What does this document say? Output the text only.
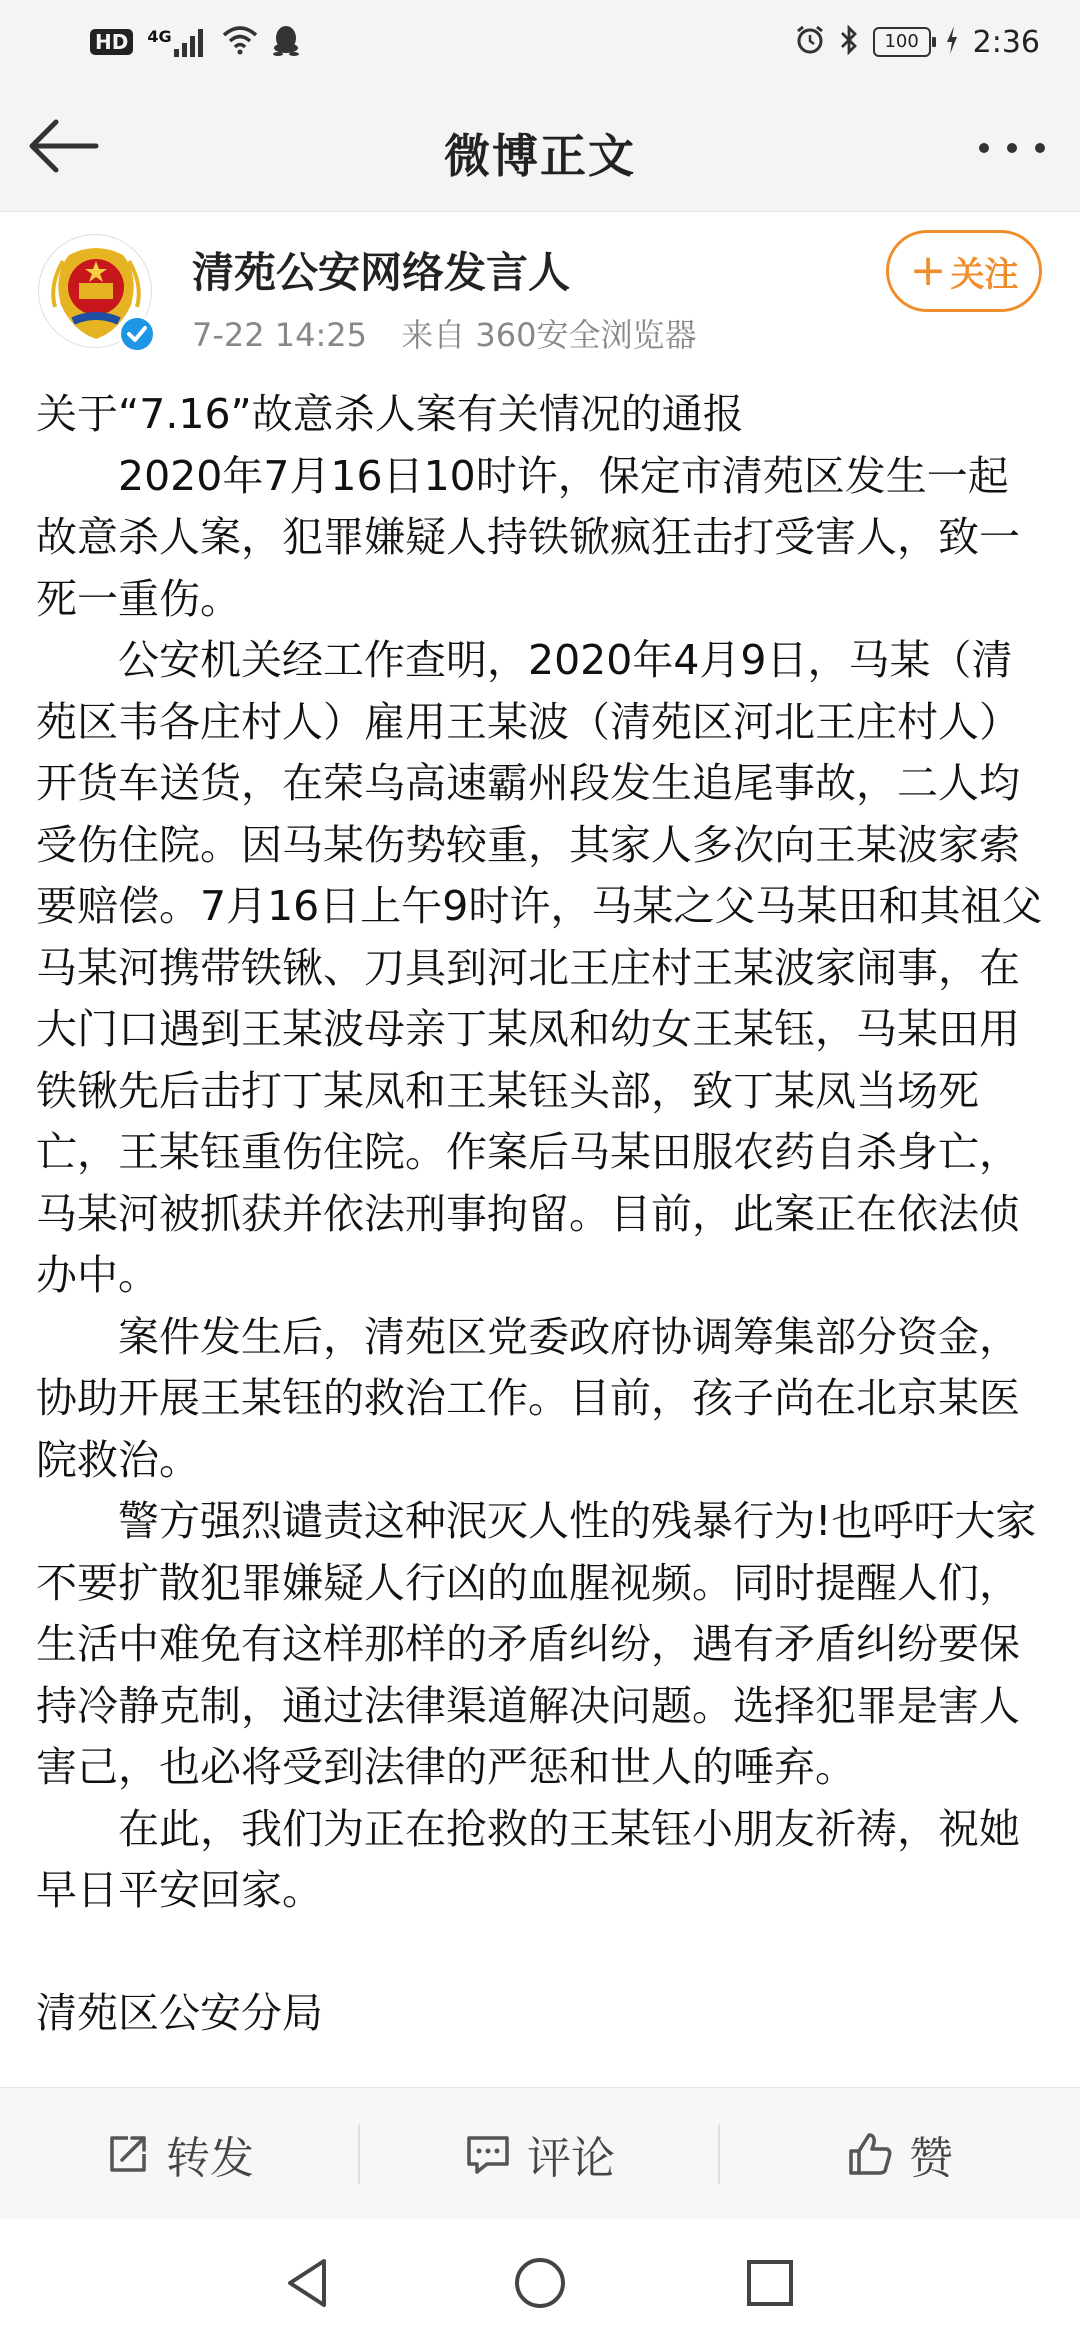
HD	4G	100	2:36
微博正文
清苑公安网络发言人
7-22 14:25 来自 360安全浏览器
+ 关注

关于“7.16”故意杀人案有关情况的通报

2020年7月16日10时许，保定市清苑区发生一起故意杀人案，犯罪嫌疑人持铁锨疯狂击打受害人，致一死一重伤。

公安机关经工作查明，2020年4月9日，马某（清苑区韦各庄村人）雇用王某波（清苑区河北王庄村人）开货车送货，在荣乌高速霸州段发生追尾事故，二人均受伤住院。因马某伤势较重，其家人多次向王某波家索要赔偿。7月16日上午9时许，马某之父马某田和其祖父马某河携带铁锹、刀具到河北王庄村王某波家闹事，在大门口遇到王某波母亲丁某凤和幼女王某钰，马某田用铁锹先后击打丁某凤和王某钰头部，致丁某凤当场死亡，王某钰重伤住院。作案后马某田服农药自杀身亡，马某河被抓获并依法刑事拘留。目前，此案正在依法侦办中。

案件发生后，清苑区党委政府协调筹集部分资金，协助开展王某钰的救治工作。目前，孩子尚在北京某医院救治。

警方强烈谴责这种泯灭人性的残暴行为!也呼吁大家不要扩散犯罪嫌疑人行凶的血腥视频。同时提醒人们，生活中难免有这样那样的矛盾纠纷，遇有矛盾纠纷要保持冷静克制，通过法律渠道解决问题。选择犯罪是害人害己，也必将受到法律的严惩和世人的唾弃。

在此，我们为正在抢救的王某钰小朋友祈祷，祝她早日平安回家。

清苑区公安分局

转发	评论	赞
